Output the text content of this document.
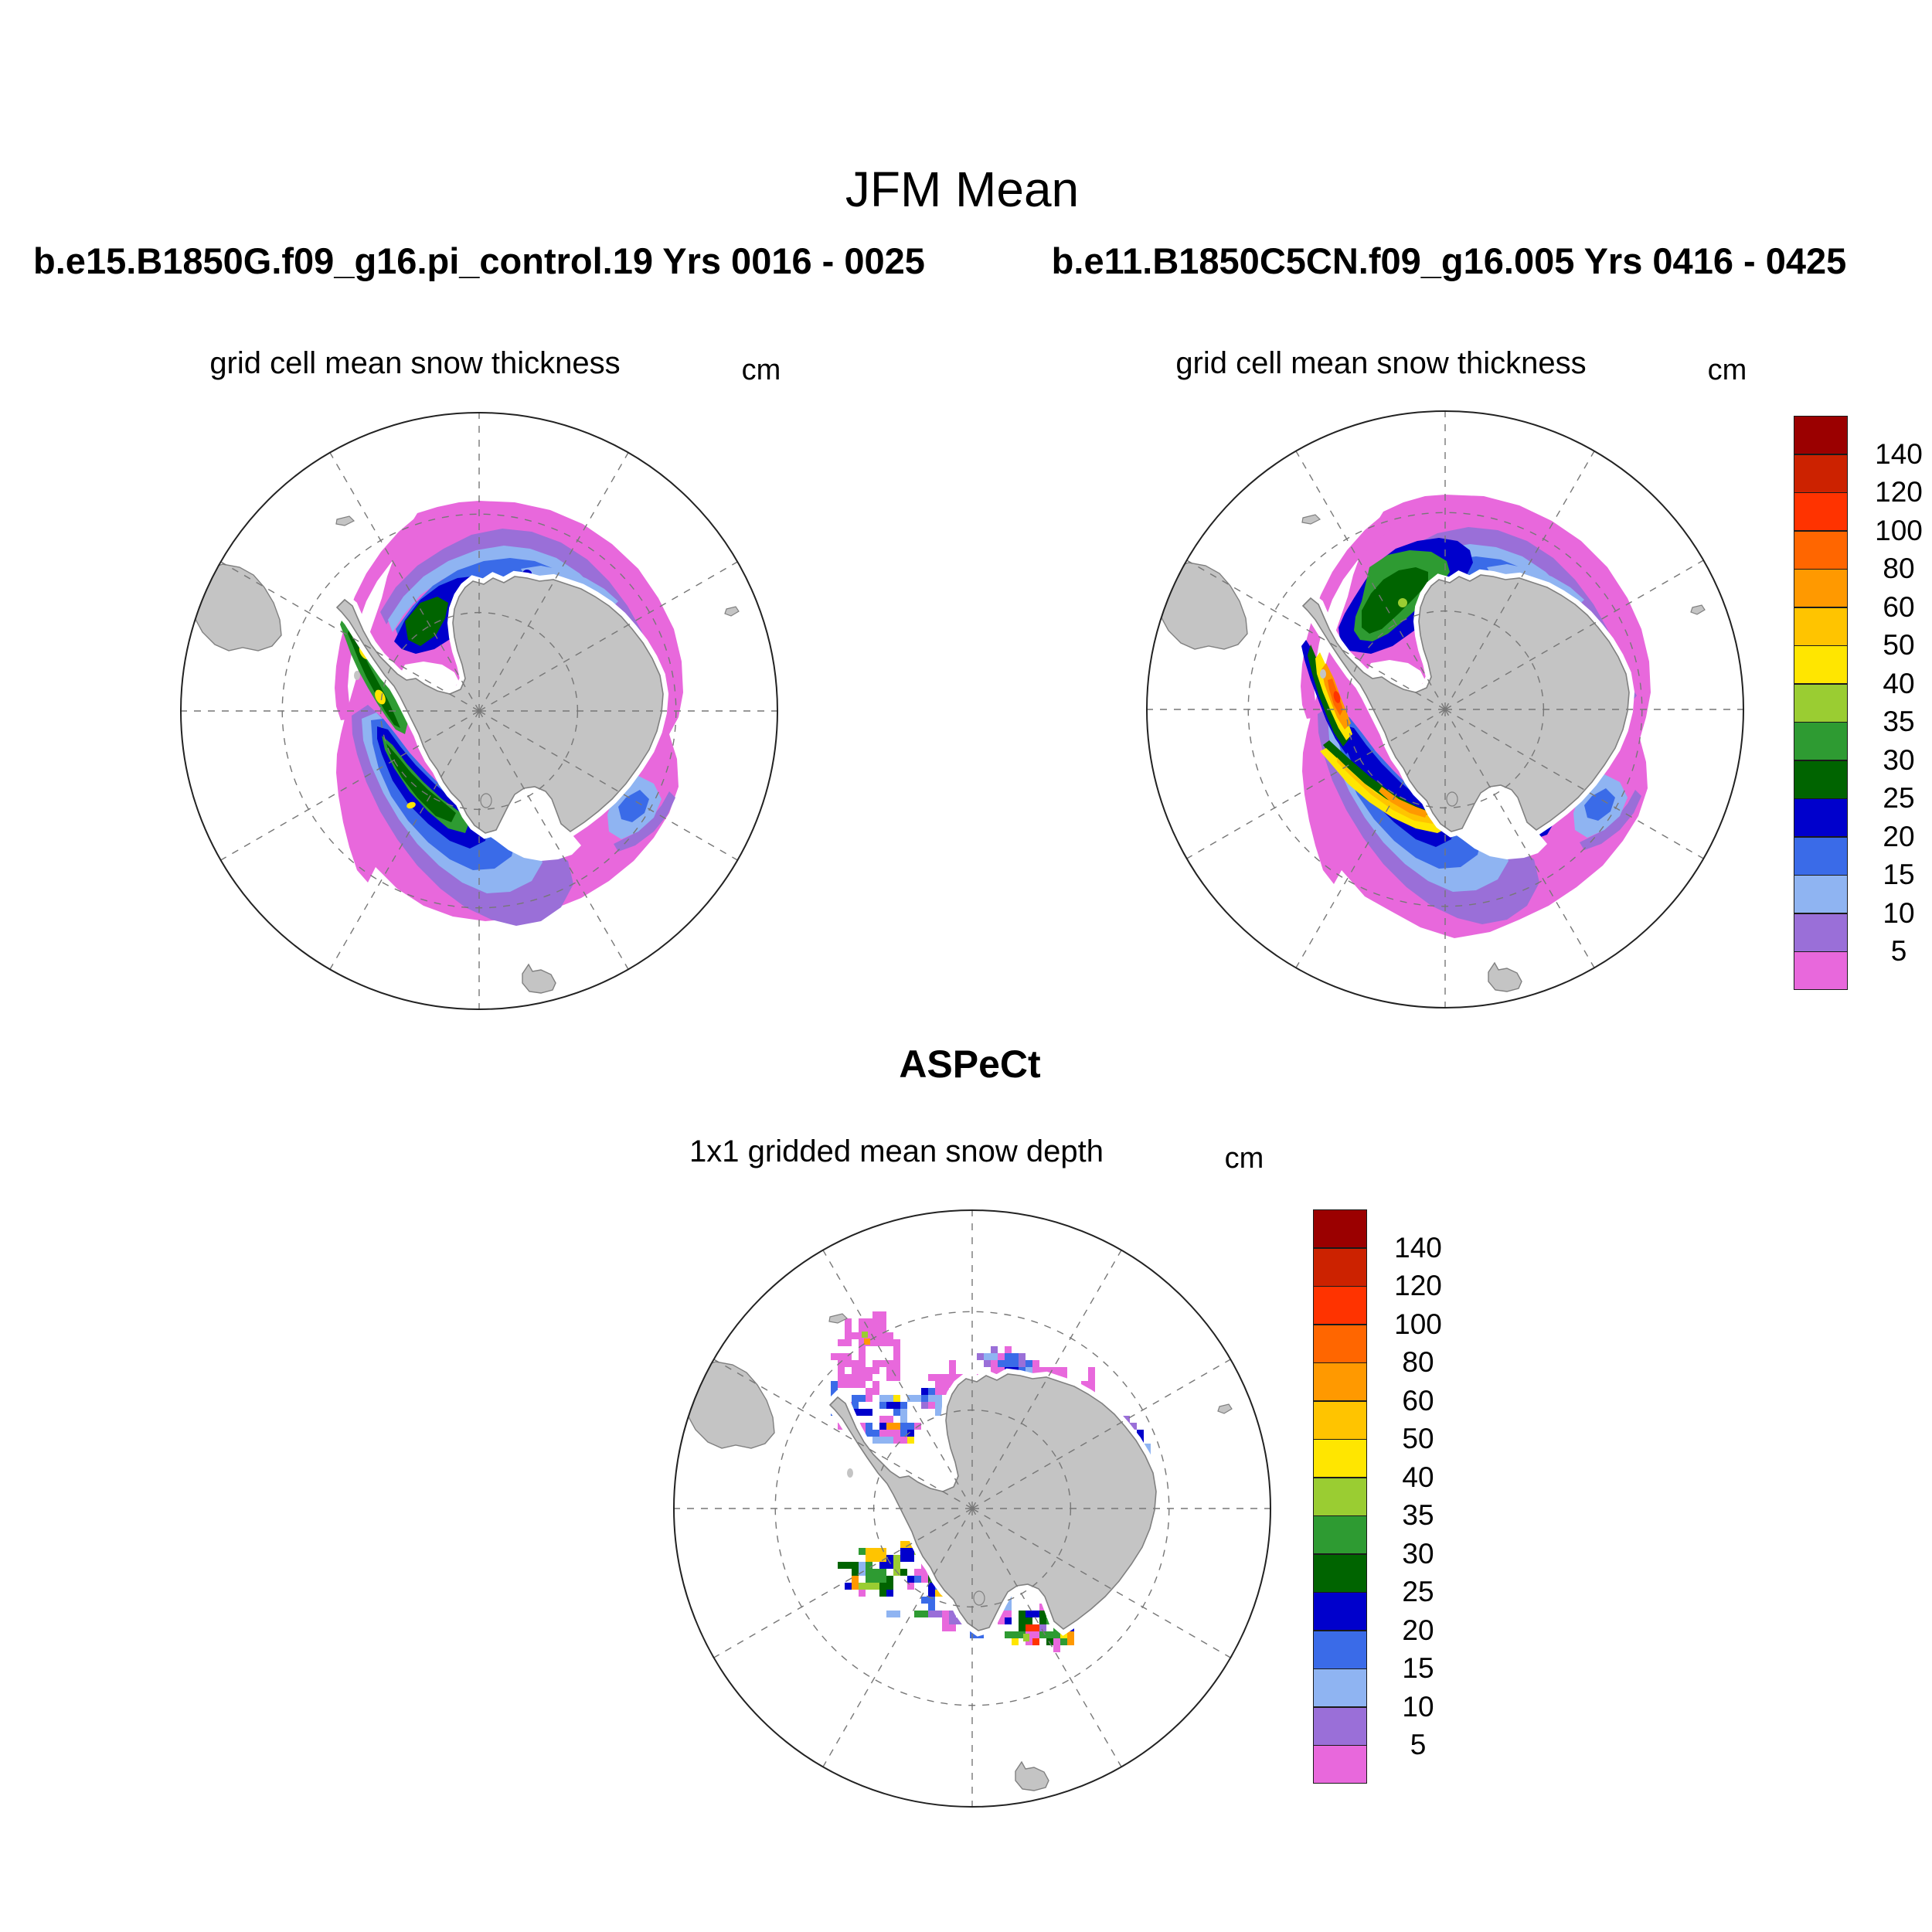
JFM Mean
b.e15.B1850G.f09_g16.pi_control.19 Yrs 0016 - 0025	b.e11.B1850C5CN.f09_g16.005 Yrs 0416 - 0425
grid cell mean snow thickness	cm	grid cell mean snow thickness	cm
ASPeCt
1x1 gridded mean snow depth	cm
140
120
100
80
60
50
40
35
30
25
20
15
10
5
140
120
100
80
60
50
40
35
30
25
20
15
10
5
